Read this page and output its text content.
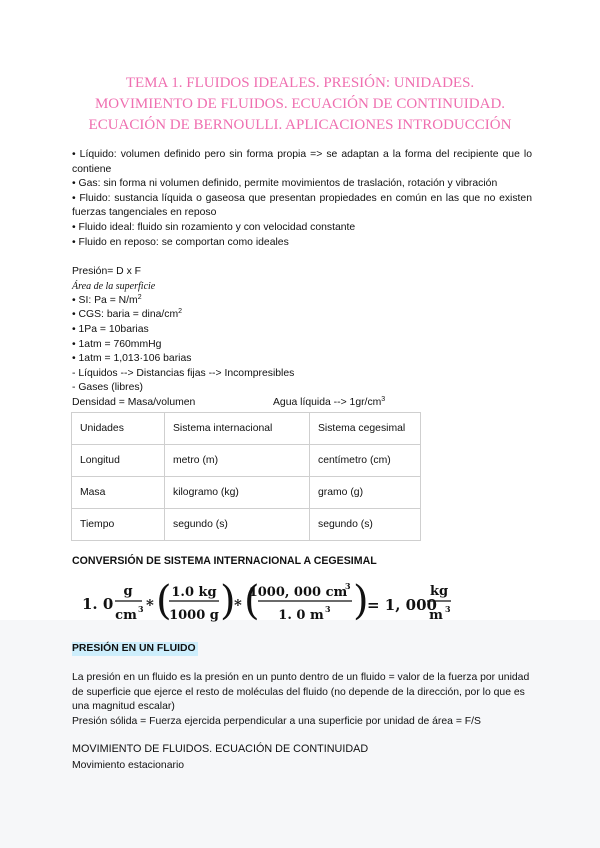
TEMA 1. FLUIDOS IDEALES. PRESIÓN: UNIDADES.
MOVIMIENTO DE FLUIDOS. ECUACIÓN DE CONTINUIDAD.
ECUACIÓN DE BERNOULLI. APLICACIONES INTRODUCCIÓN

• Líquido: volumen definido pero sin forma propia => se adaptan a la forma del recipiente que lo contiene

• Gas: sin forma ni volumen definido, permite movimientos de traslación, rotación y vibración

• Fluido: sustancia líquida o gaseosa que presentan propiedades en común en las que no existen fuerzas tangenciales en reposo

• Fluido ideal: fluido sin rozamiento y con velocidad constante

• Fluido en reposo: se comportan como ideales

Presión= D x F
Área de la superficie
• SI: $Pa = N/m^2$
• CGS: baria = dina/$cm^2$
• 1Pa = 10barias
• 1atm = 760mmHg
• 1atm = 1,013·106 barias
- Líquidos --> Distancias fijas --> Incompresibles
- Gases (libres)
Densidad = Masa/volumen	Agua líquida --> $1gr/cm^3$
Unidades	Sistema internacional	Sistema cegesimal
Longitud	metro (m)	centímetro (cm)
Masa	kilogramo (kg)	gramo (g)
Tiempo	segundo (s)	segundo (s)
CONVERSIÓN DE SISTEMA INTERNACIONAL A CEGESIMAL
1. 0
g
cm 3 * ( 1.0 kg
1000 g )
* (
1000, 000 cm
3
1. 0 m 3 )
= 1, 000
kg
m 3
PRESIÓN EN UN FLUIDO

La presión en un fluido es la presión en un punto dentro de un fluido = valor de la fuerza por unidad de superficie que ejerce el resto de moléculas del fluido (no depende de la dirección, por lo que es una magnitud escalar)

Presión sólida = Fuerza ejercida perpendicular a una superficie por unidad de área = F/S

MOVIMIENTO DE FLUIDOS. ECUACIÓN DE CONTINUIDAD
Movimiento estacionario
